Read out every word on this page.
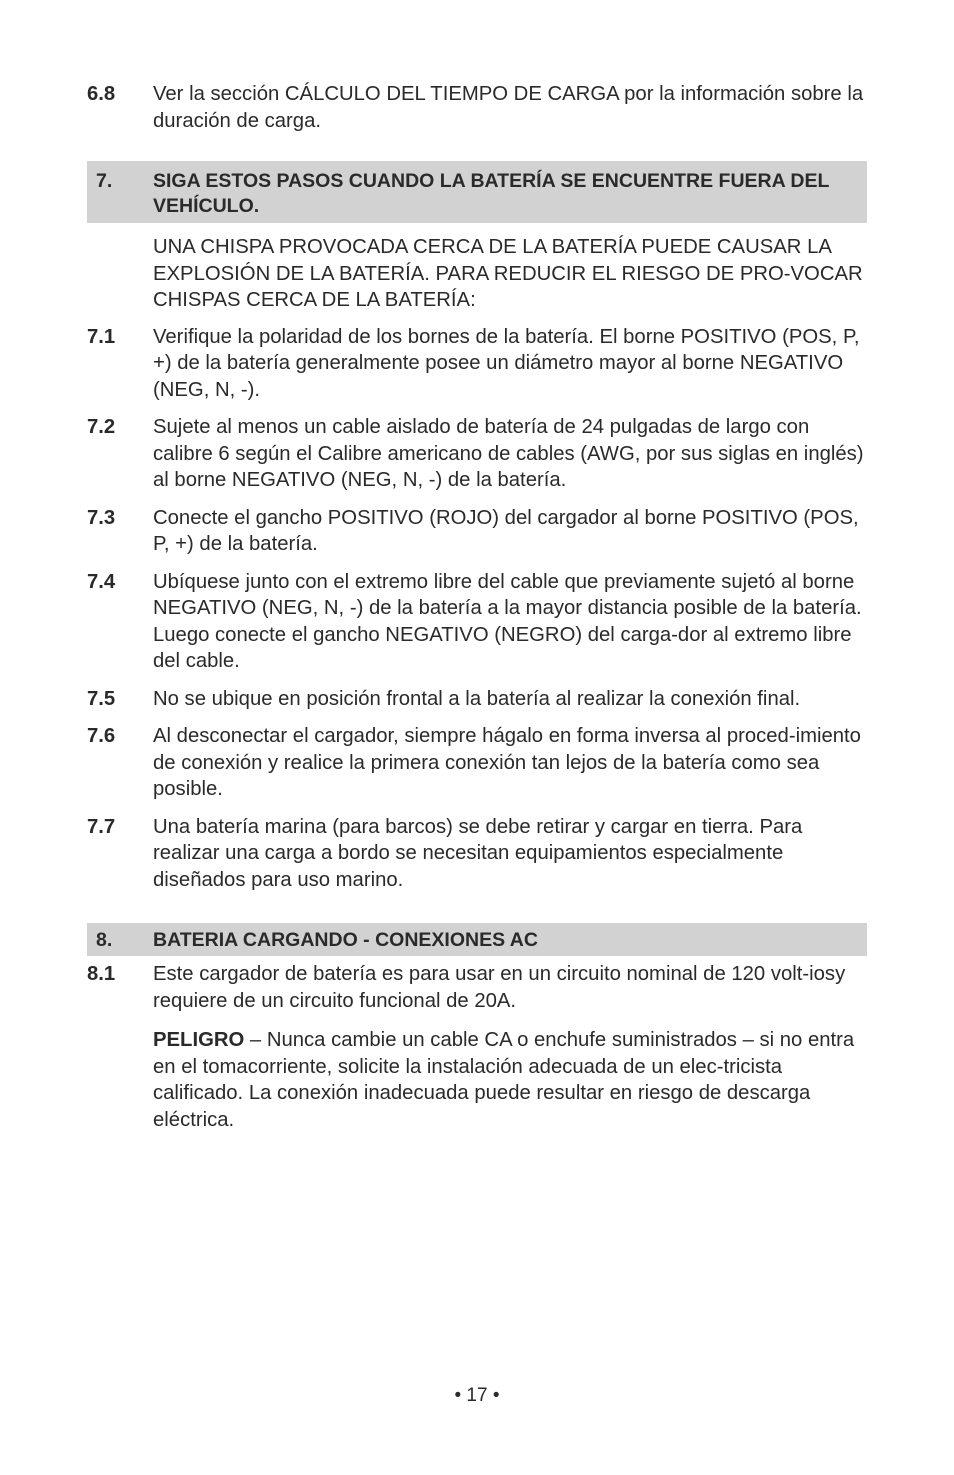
6.8	Ver la sección CÁLCULO DEL TIEMPO DE CARGA por la información sobre la duración de carga.
7.	SIGA ESTOS PASOS CUANDO LA BATERÍA SE ENCUENTRE FUERA DEL VEHÍCULO.
UNA CHISPA PROVOCADA CERCA DE LA BATERÍA PUEDE CAUSAR LA EXPLOSIÓN DE LA BATERÍA. PARA REDUCIR EL RIESGO DE PRO-VOCAR CHISPAS CERCA DE LA BATERÍA:
7.1	Verifique la polaridad de los bornes de la batería. El borne POSITIVO (POS, P, +) de la batería generalmente posee un diámetro mayor al borne NEGATIVO (NEG, N, -).
7.2	Sujete al menos un cable aislado de batería de 24 pulgadas de largo con calibre 6 según el Calibre americano de cables (AWG, por sus siglas en inglés) al borne NEGATIVO (NEG, N, -) de la batería.
7.3	Conecte el gancho POSITIVO (ROJO) del cargador al borne POSITIVO (POS, P, +) de la batería.
7.4	Ubíquese junto con el extremo libre del cable que previamente sujetó al borne NEGATIVO (NEG, N, -) de la batería a la mayor distancia posible de la batería. Luego conecte el gancho NEGATIVO (NEGRO) del carga-dor al extremo libre del cable.
7.5	No se ubique en posición frontal a la batería al realizar la conexión final.
7.6	Al desconectar el cargador, siempre hágalo en forma inversa al proced-imiento de conexión y realice la primera conexión tan lejos de la batería como sea posible.
7.7	Una batería marina (para barcos) se debe retirar y cargar en tierra. Para realizar una carga a bordo se necesitan equipamientos especialmente diseñados para uso marino.
8.	BATERIA CARGANDO - CONEXIONES AC
8.1	Este cargador de batería es para usar en un circuito nominal de 120 volt-iosy requiere de un circuito funcional de 20A.
PELIGRO – Nunca cambie un cable CA o enchufe suministrados – si no entra en el tomacorriente, solicite la instalación adecuada de un elec-tricista calificado. La conexión inadecuada puede resultar en riesgo de descarga eléctrica.
• 17 •
